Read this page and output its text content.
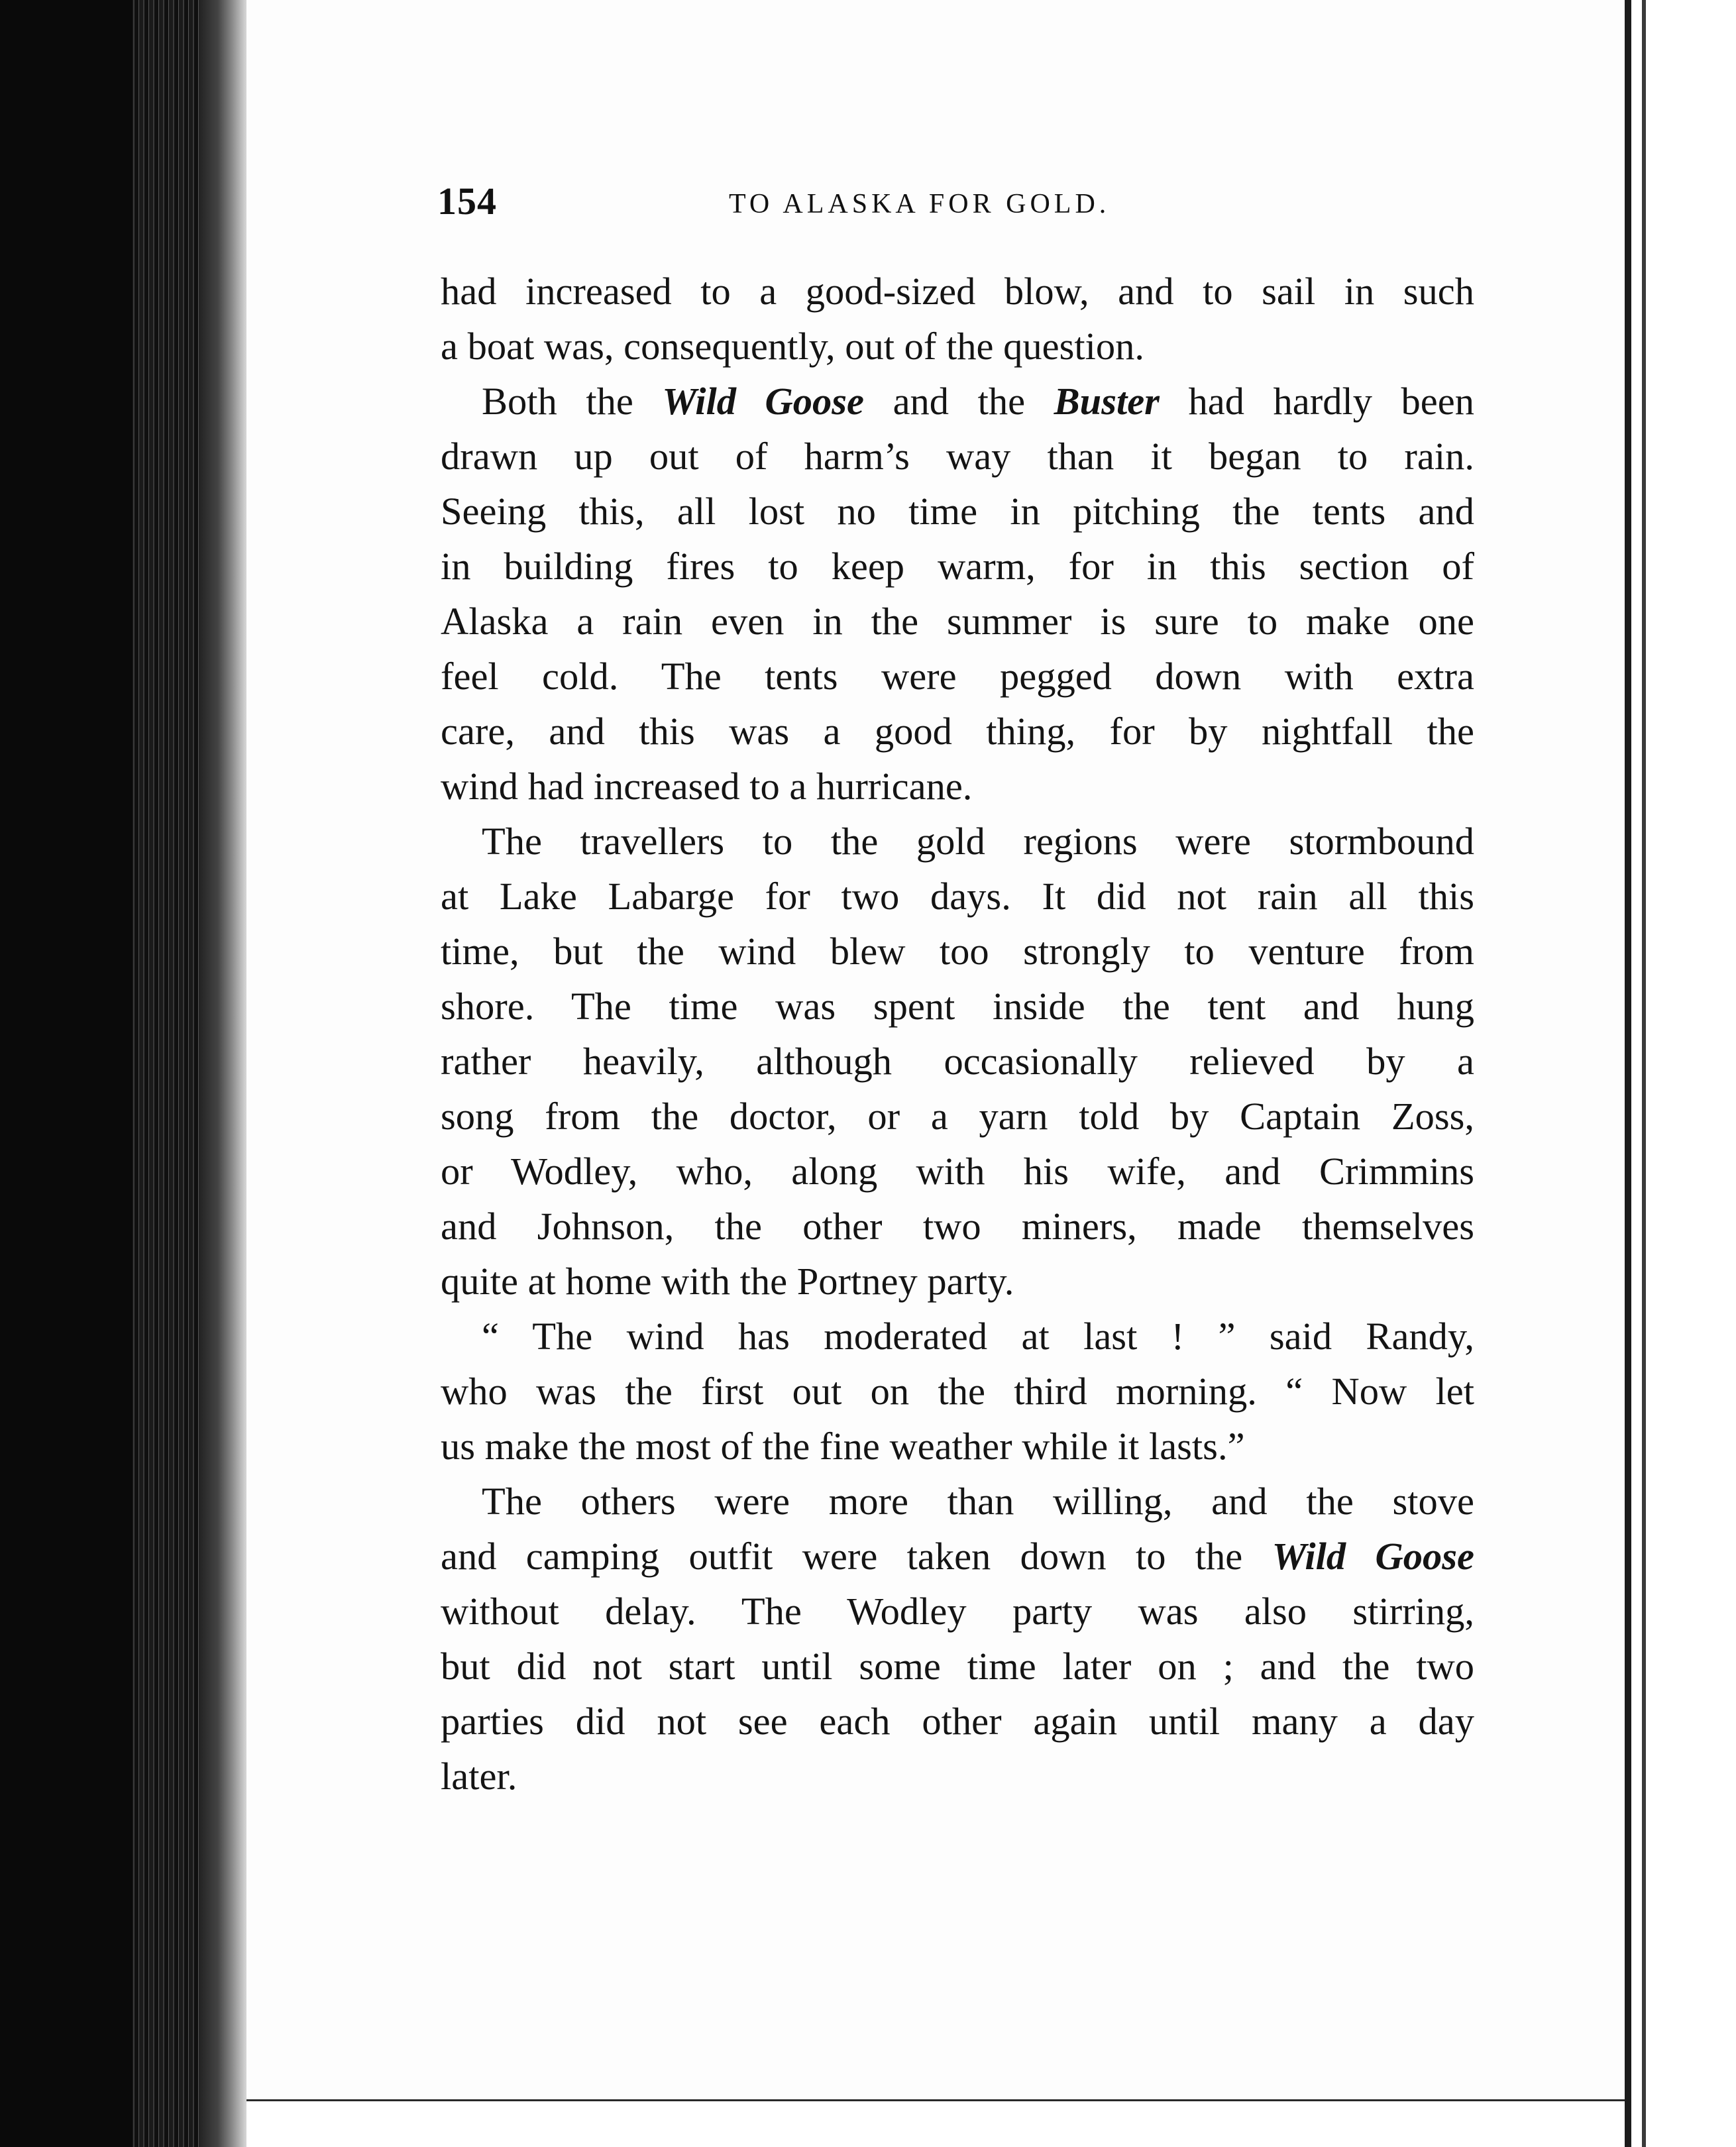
154	TO ALASKA FOR GOLD.
had increased to a good-sized blow, and to sail in such
a boat was, consequently, out of the question.
Both the Wild Goose and the Buster had hardly been
drawn up out of harm’s way than it began to rain.
Seeing this, all lost no time in pitching the tents and
in building fires to keep warm, for in this section of
Alaska a rain even in the summer is sure to make one
feel cold. The tents were pegged down with extra
care, and this was a good thing, for by nightfall the
wind had increased to a hurricane.
The travellers to the gold regions were stormbound
at Lake Labarge for two days. It did not rain all this
time, but the wind blew too strongly to venture from
shore. The time was spent inside the tent and hung
rather heavily, although occasionally relieved by a
song from the doctor, or a yarn told by Captain Zoss,
or Wodley, who, along with his wife, and Crimmins
and Johnson, the other two miners, made themselves
quite at home with the Portney party.
“ The wind has moderated at last ! ” said Randy,
who was the first out on the third morning. “ Now let
us make the most of the fine weather while it lasts.”
The others were more than willing, and the stove
and camping outfit were taken down to the Wild Goose
without delay. The Wodley party was also stirring,
but did not start until some time later on ; and the two
parties did not see each other again until many a day
later.
